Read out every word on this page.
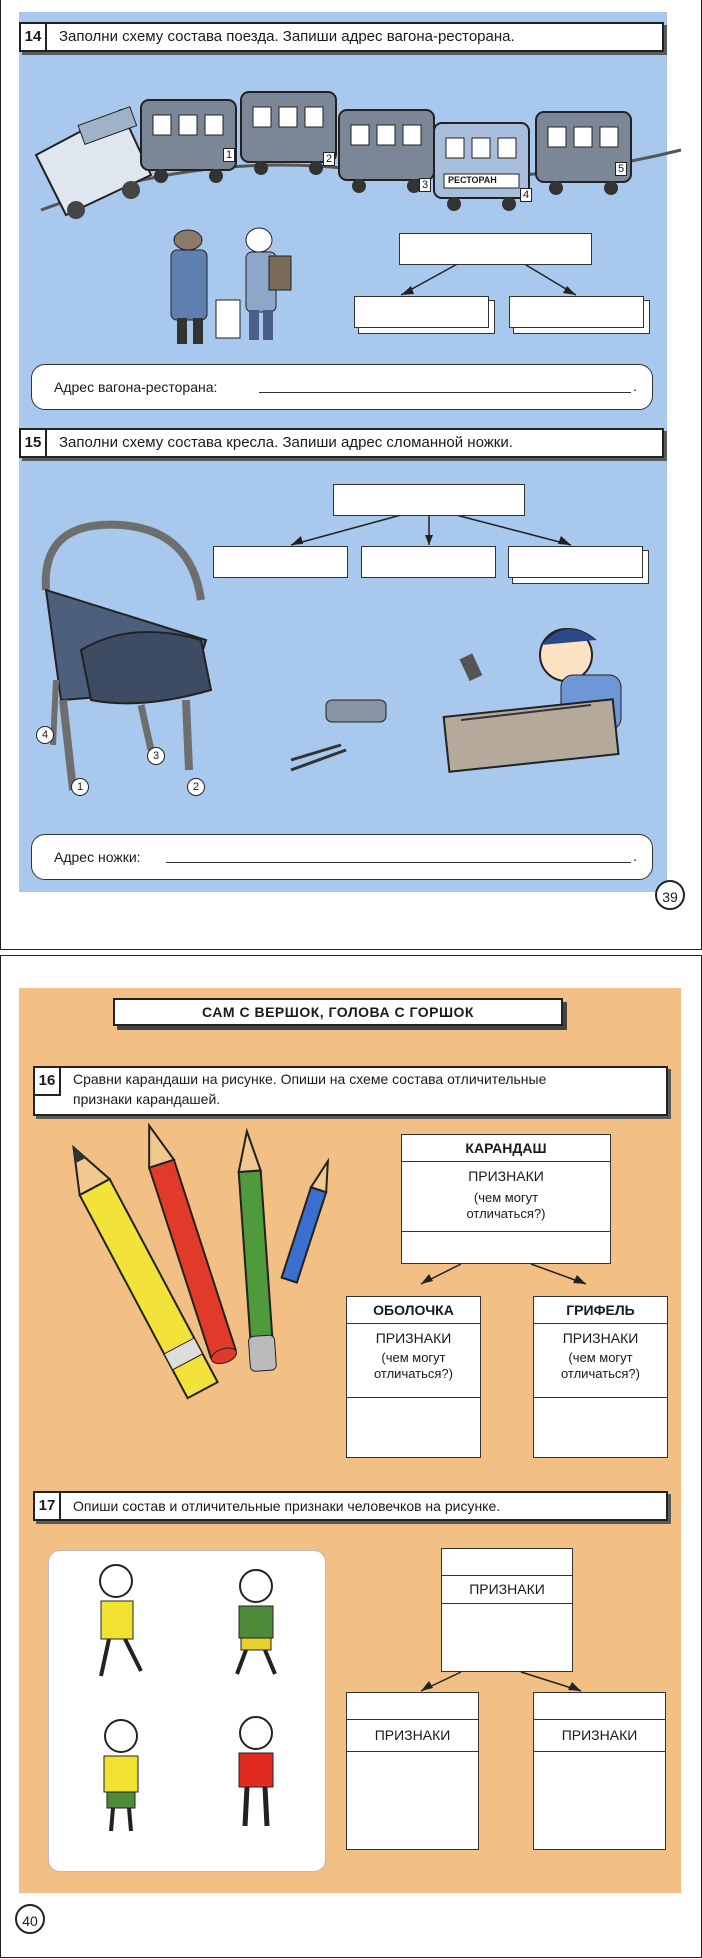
14	Заполни схему состава поезда. Запиши адрес вагона-ресторана.
1	2
3
4
5
РЕСТОРАН
Адрес вагона-ресторана:	.
15	Заполни схему состава кресла. Запиши адрес сломанной ножки.
1	2
3
4
Адрес ножки:	.
39
САМ С ВЕРШОК, ГОЛОВА С ГОРШОК
16	Сравни карандаши на рисунке. Опиши на схеме состава отличительные
признаки карандашей.
КАРАНДАШ
ПРИЗНАКИ
(чем могут
отличаться?)
ОБОЛОЧКА
ПРИЗНАКИ
(чем могут
отличаться?)
ГРИФЕЛЬ
ПРИЗНАКИ
(чем могут
отличаться?)
17	Опиши состав и отличительные признаки человечков на рисунке.
ПРИЗНАКИ
ПРИЗНАКИ	ПРИЗНАКИ
40
